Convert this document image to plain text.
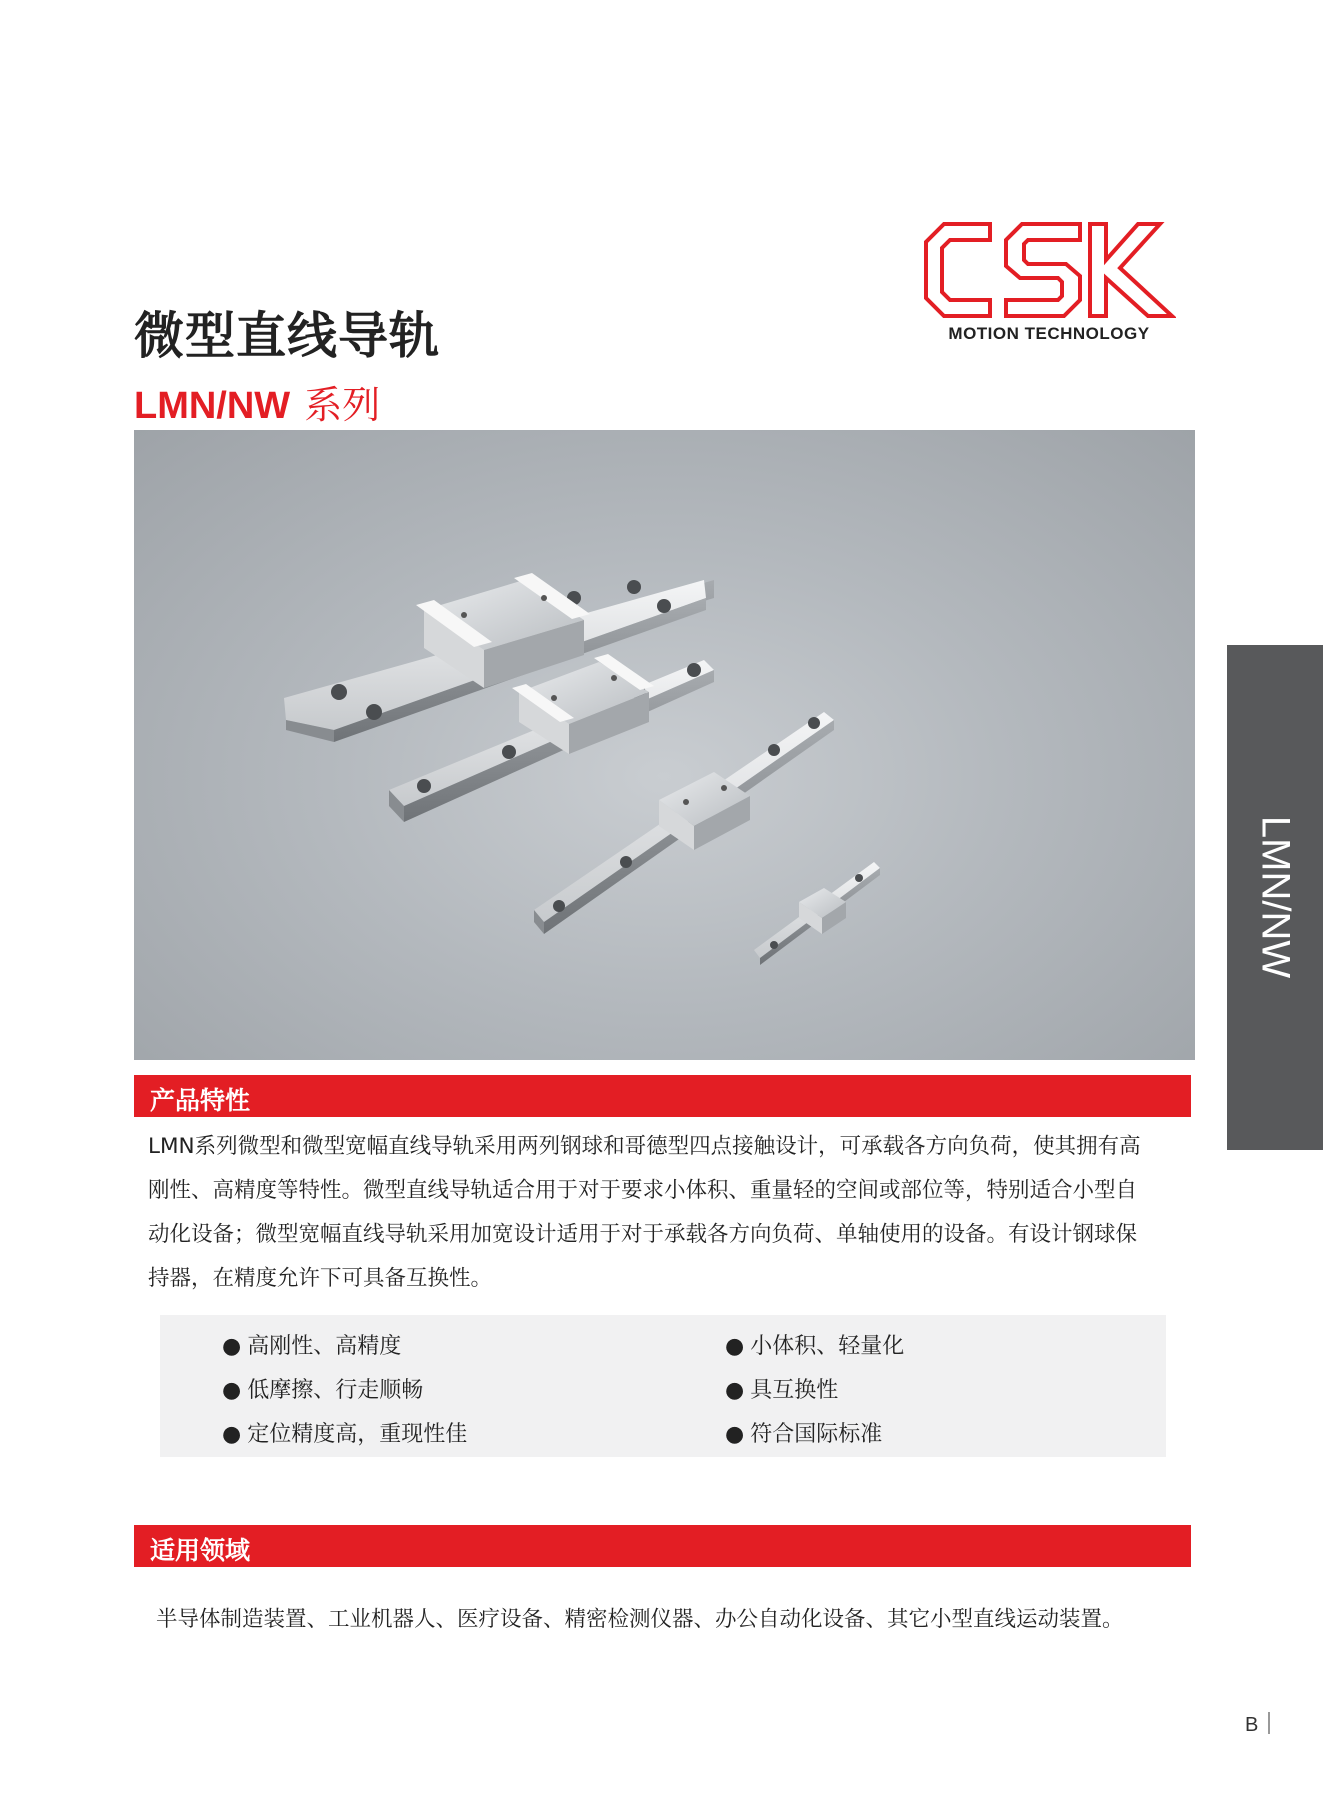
MOTION TECHNOLOGY
微型直线导轨
LMN/NW 系列
LMN/NW
产品特性
LMN系列微型和微型宽幅直线导轨采用两列钢球和哥德型四点接触设计，可承载各方向负荷，使其拥有高
刚性、高精度等特性。微型直线导轨适合用于对于要求小体积、重量轻的空间或部位等，特别适合小型自
动化设备；微型宽幅直线导轨采用加宽设计适用于对于承载各方向负荷、单轴使用的设备。有设计钢球保
持器，在精度允许下可具备互换性。
● 高刚性、高精度
● 低摩擦、行走顺畅
● 定位精度高，重现性佳
● 小体积、轻量化
● 具互换性
● 符合国际标准
适用领域
半导体制造装置、工业机器人、医疗设备、精密检测仪器、办公自动化设备、其它小型直线运动装置。
B
